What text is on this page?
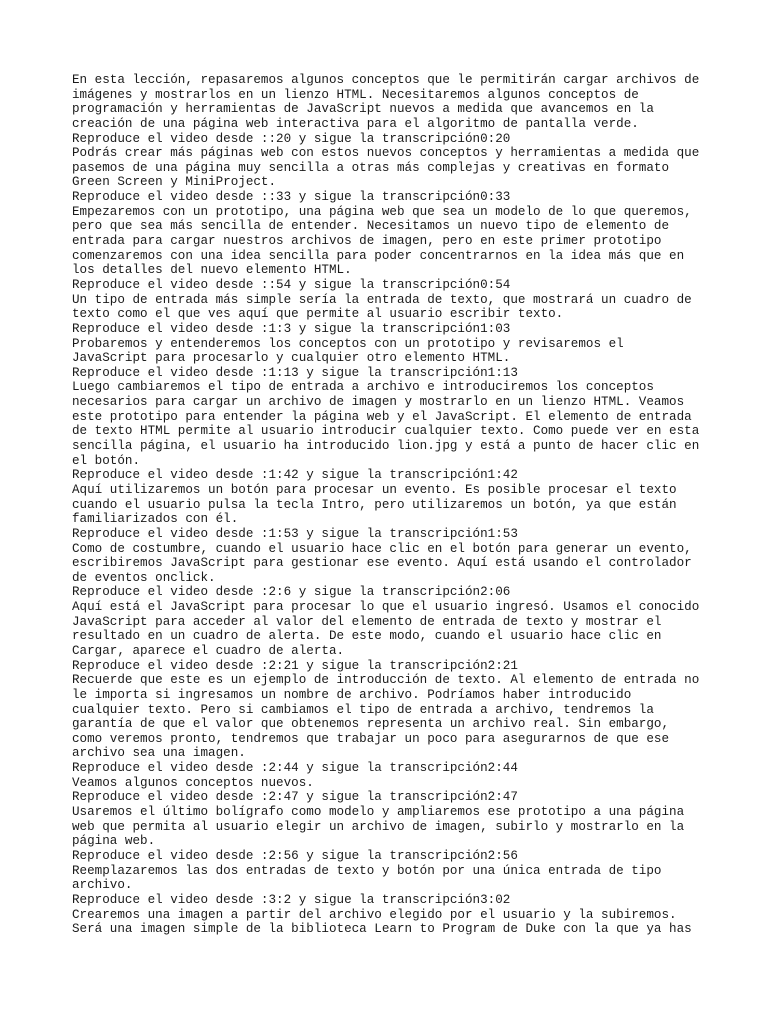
En esta lección, repasaremos algunos conceptos que le permitirán cargar archivos de
imágenes y mostrarlos en un lienzo HTML. Necesitaremos algunos conceptos de
programación y herramientas de JavaScript nuevos a medida que avancemos en la
creación de una página web interactiva para el algoritmo de pantalla verde.
Reproduce el video desde ::20 y sigue la transcripción0:20
Podrás crear más páginas web con estos nuevos conceptos y herramientas a medida que
pasemos de una página muy sencilla a otras más complejas y creativas en formato
Green Screen y MiniProject.
Reproduce el video desde ::33 y sigue la transcripción0:33
Empezaremos con un prototipo, una página web que sea un modelo de lo que queremos,
pero que sea más sencilla de entender. Necesitamos un nuevo tipo de elemento de
entrada para cargar nuestros archivos de imagen, pero en este primer prototipo
comenzaremos con una idea sencilla para poder concentrarnos en la idea más que en
los detalles del nuevo elemento HTML.
Reproduce el video desde ::54 y sigue la transcripción0:54
Un tipo de entrada más simple sería la entrada de texto, que mostrará un cuadro de
texto como el que ves aquí que permite al usuario escribir texto.
Reproduce el video desde :1:3 y sigue la transcripción1:03
Probaremos y entenderemos los conceptos con un prototipo y revisaremos el
JavaScript para procesarlo y cualquier otro elemento HTML.
Reproduce el video desde :1:13 y sigue la transcripción1:13
Luego cambiaremos el tipo de entrada a archivo e introduciremos los conceptos
necesarios para cargar un archivo de imagen y mostrarlo en un lienzo HTML. Veamos
este prototipo para entender la página web y el JavaScript. El elemento de entrada
de texto HTML permite al usuario introducir cualquier texto. Como puede ver en esta
sencilla página, el usuario ha introducido lion.jpg y está a punto de hacer clic en
el botón.
Reproduce el video desde :1:42 y sigue la transcripción1:42
Aquí utilizaremos un botón para procesar un evento. Es posible procesar el texto
cuando el usuario pulsa la tecla Intro, pero utilizaremos un botón, ya que están
familiarizados con él.
Reproduce el video desde :1:53 y sigue la transcripción1:53
Como de costumbre, cuando el usuario hace clic en el botón para generar un evento,
escribiremos JavaScript para gestionar ese evento. Aquí está usando el controlador
de eventos onclick.
Reproduce el video desde :2:6 y sigue la transcripción2:06
Aquí está el JavaScript para procesar lo que el usuario ingresó. Usamos el conocido
JavaScript para acceder al valor del elemento de entrada de texto y mostrar el
resultado en un cuadro de alerta. De este modo, cuando el usuario hace clic en
Cargar, aparece el cuadro de alerta.
Reproduce el video desde :2:21 y sigue la transcripción2:21
Recuerde que este es un ejemplo de introducción de texto. Al elemento de entrada no
le importa si ingresamos un nombre de archivo. Podríamos haber introducido
cualquier texto. Pero si cambiamos el tipo de entrada a archivo, tendremos la
garantía de que el valor que obtenemos representa un archivo real. Sin embargo,
como veremos pronto, tendremos que trabajar un poco para asegurarnos de que ese
archivo sea una imagen.
Reproduce el video desde :2:44 y sigue la transcripción2:44
Veamos algunos conceptos nuevos.
Reproduce el video desde :2:47 y sigue la transcripción2:47
Usaremos el último bolígrafo como modelo y ampliaremos ese prototipo a una página
web que permita al usuario elegir un archivo de imagen, subirlo y mostrarlo en la
página web.
Reproduce el video desde :2:56 y sigue la transcripción2:56
Reemplazaremos las dos entradas de texto y botón por una única entrada de tipo
archivo.
Reproduce el video desde :3:2 y sigue la transcripción3:02
Crearemos una imagen a partir del archivo elegido por el usuario y la subiremos.
Será una imagen simple de la biblioteca Learn to Program de Duke con la que ya has
